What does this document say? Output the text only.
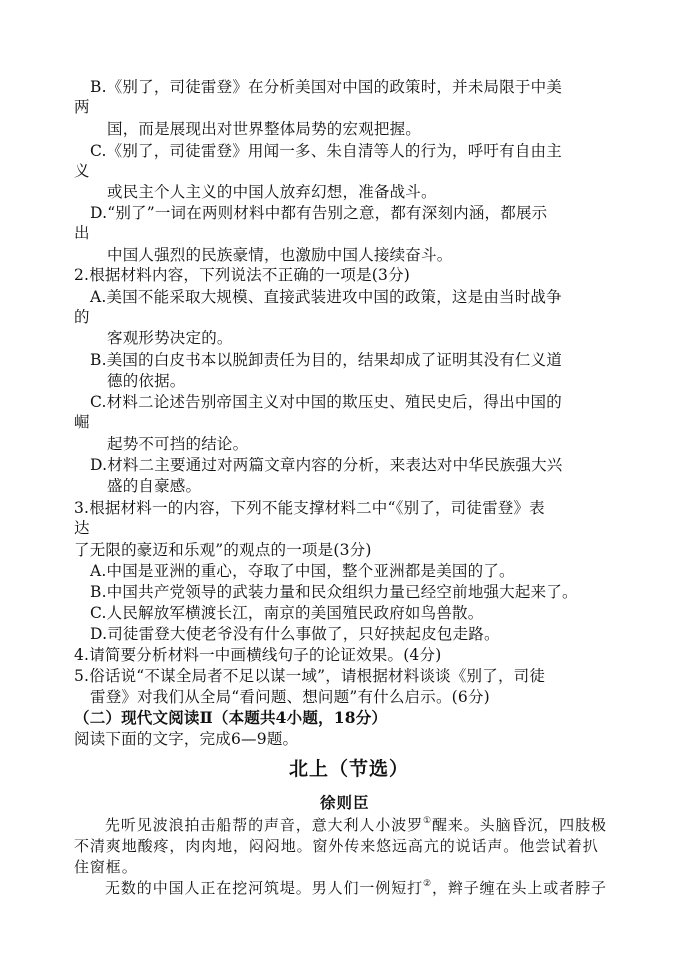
B.《别了，司徒雷登》在分析美国对中国的政策时，并未局限于中美
两
国，而是展现出对世界整体局势的宏观把握。
C.《别了，司徒雷登》用闻一多、朱自清等人的行为，呼吁有自由主
义
或民主个人主义的中国人放弃幻想，准备战斗。
D.“别了”一词在两则材料中都有告别之意，都有深刻内涵，都展示
出
中国人强烈的民族豪情，也激励中国人接续奋斗。
2.根据材料内容，下列说法不正确的一项是(3分)
A.美国不能采取大规模、直接武装进攻中国的政策，这是由当时战争
的
客观形势决定的。
B.美国的白皮书本以脱卸责任为目的，结果却成了证明其没有仁义道
德的依据。
C.材料二论述告别帝国主义对中国的欺压史、殖民史后，得出中国的
崛
起势不可挡的结论。
D.材料二主要通过对两篇文章内容的分析，来表达对中华民族强大兴
盛的自豪感。
3.根据材料一的内容，下列不能支撑材料二中“《别了，司徒雷登》表
达
了无限的豪迈和乐观”的观点的一项是(3分)
A.中国是亚洲的重心，夺取了中国，整个亚洲都是美国的了。
B.中国共产党领导的武装力量和民众组织力量已经空前地强大起来了。
C.人民解放军横渡长江，南京的美国殖民政府如鸟兽散。
D.司徒雷登大使老爷没有什么事做了，只好挟起皮包走路。
4.请简要分析材料一中画横线句子的论证效果。(4分)
5.俗话说“不谋全局者不足以谋一域”，请根据材料谈谈《别了，司徒
雷登》对我们从全局“看问题、想问题”有什么启示。(6分)
（二）现代文阅读Ⅱ（本题共4小题，18分）
阅读下面的文字，完成6—9题。
北上（节选）
徐则臣
先听见波浪拍击船帮的声音，意大利人小波罗①醒来。头脑昏沉，四肢极
不清爽地酸疼，肉肉地，闷闷地。窗外传来悠远高亢的说话声。他尝试着扒
住窗框。
无数的中国人正在挖河筑堤。男人们一例短打②，辫子缠在头上或者脖子
